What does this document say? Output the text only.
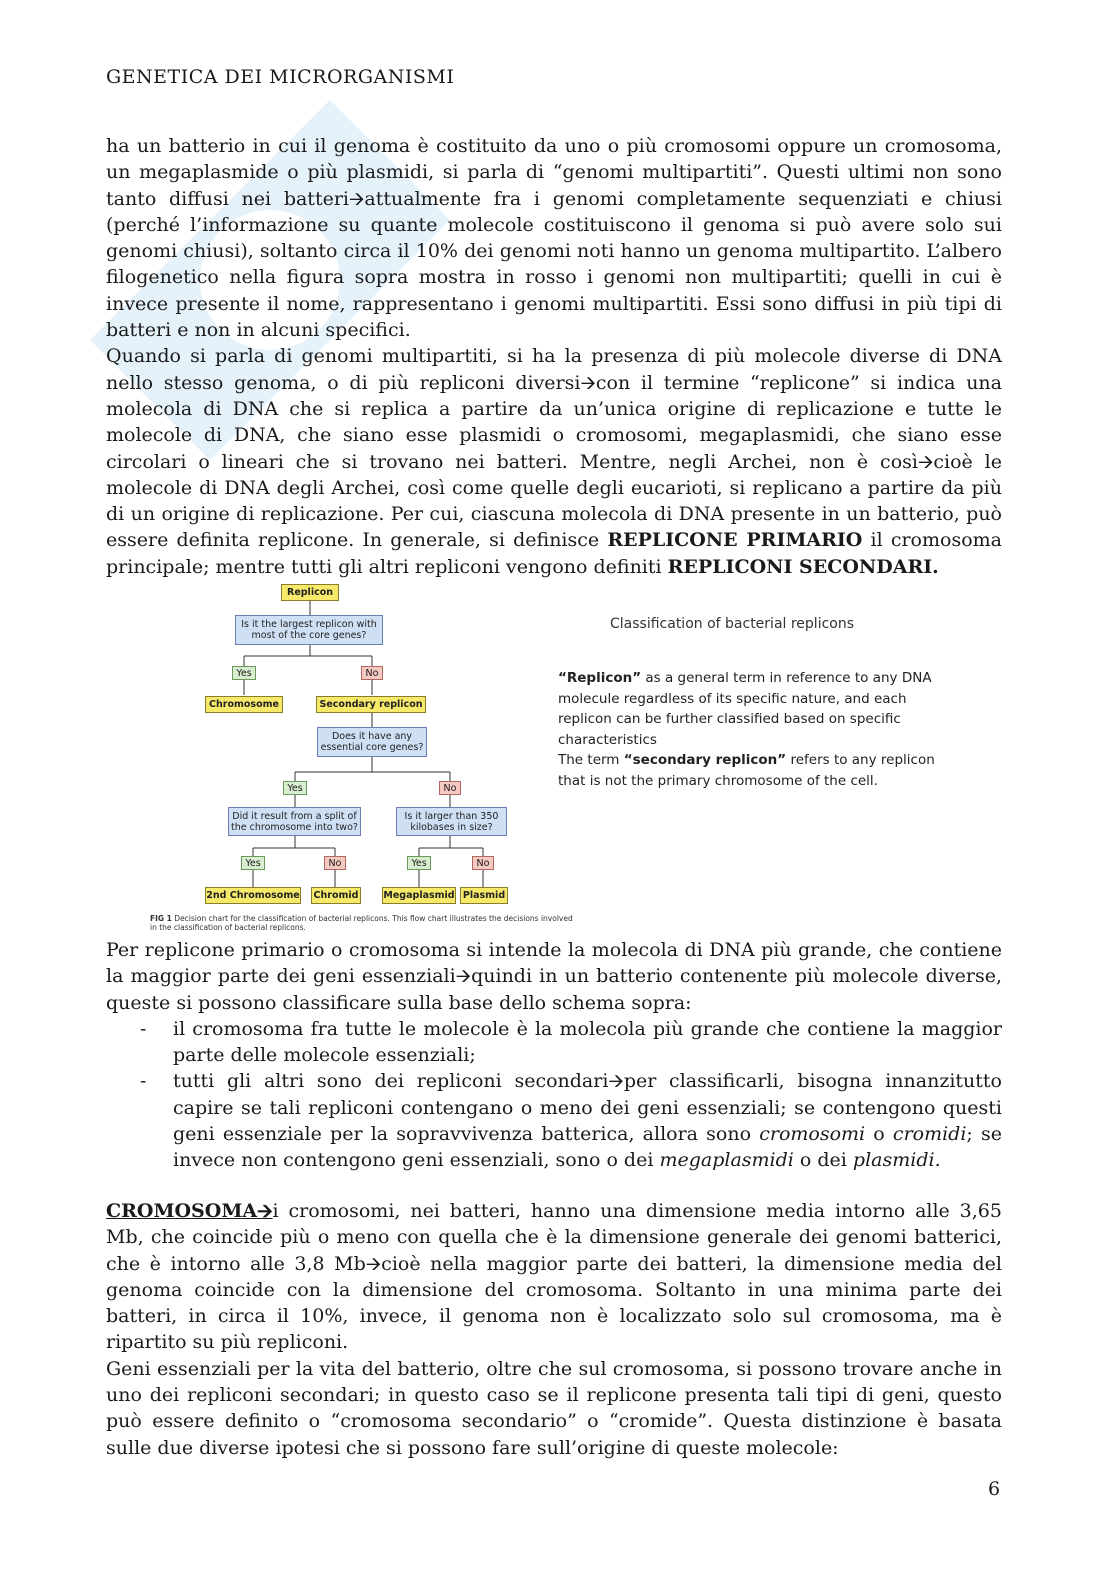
GENETICA DEI MICRORGANISMI

ha un batterio in cui il genoma è costituito da uno o più cromosomi oppure un cromosoma, un megaplasmide o più plasmidi, si parla di “genomi multipartiti”. Questi ultimi non sono tanto diffusi nei batteri🡪attualmente fra i genomi completamente sequenziati e chiusi (perché l’informazione su quante molecole costituiscono il genoma si può avere solo sui genomi chiusi), soltanto circa il 10% dei genomi noti hanno un genoma multipartito. L’albero filogenetico nella figura sopra mostra in rosso i genomi non multipartiti; quelli in cui è invece presente il nome, rappresentano i genomi multipartiti. Essi sono diffusi in più tipi di batteri e non in alcuni specifici.

Quando si parla di genomi multipartiti, si ha la presenza di più molecole diverse di DNA nello stesso genoma, o di più repliconi diversi🡪con il termine “replicone” si indica una molecola di DNA che si replica a partire da un’unica origine di replicazione e tutte le molecole di DNA, che siano esse plasmidi o cromosomi, megaplasmidi, che siano esse circolari o lineari che si trovano nei batteri. Mentre, negli Archei, non è così🡪cioè le molecole di DNA degli Archei, così come quelle degli eucarioti, si replicano a partire da più di un origine di replicazione. Per cui, ciascuna molecola di DNA presente in un batterio, può essere definita replicone. In generale, si definisce REPLICONE PRIMARIO il cromosoma principale; mentre tutti gli altri repliconi vengono definiti REPLICONI SECONDARI.

Replicon
Is it the largest replicon with most of the core genes?
Yes	No
Chromosome	Secondary replicon
Does it have any essential core genes?
Yes	No
Did it result from a split of the chromosome into two?
Is it larger than 350 kilobases in size?
Yes	No	Yes	No
2nd Chromosome Chromid	Megaplasmid Plasmid
FIG 1 Decision chart for the classification of bacterial replicons. This flow chart illustrates the decisions involved in the classification of bacterial replicons.
Classification of bacterial replicons
“Replicon” as a general term in reference to any DNA molecule regardless of its specific nature, and each replicon can be further classified based on specific characteristics
The term “secondary replicon” refers to any replicon that is not the primary chromosome of the cell.

Per replicone primario o cromosoma si intende la molecola di DNA più grande, che contiene la maggior parte dei geni essenziali🡪quindi in un batterio contenente più molecole diverse, queste si possono classificare sulla base dello schema sopra:

- il cromosoma fra tutte le molecole è la molecola più grande che contiene la maggior parte delle molecole essenziali;
- tutti gli altri sono dei repliconi secondari🡪per classificarli, bisogna innanzitutto capire se tali repliconi contengano o meno dei geni essenziali; se contengono questi geni essenziale per la sopravvivenza batterica, allora sono cromosomi o cromidi; se invece non contengono geni essenziali, sono o dei megaplasmidi o dei plasmidi.

CROMOSOMA🡪i cromosomi, nei batteri, hanno una dimensione media intorno alle 3,65 Mb, che coincide più o meno con quella che è la dimensione generale dei genomi batterici, che è intorno alle 3,8 Mb🡪cioè nella maggior parte dei batteri, la dimensione media del genoma coincide con la dimensione del cromosoma. Soltanto in una minima parte dei batteri, in circa il 10%, invece, il genoma non è localizzato solo sul cromosoma, ma è ripartito su più repliconi.

Geni essenziali per la vita del batterio, oltre che sul cromosoma, si possono trovare anche in uno dei repliconi secondari; in questo caso se il replicone presenta tali tipi di geni, questo può essere definito o “cromosoma secondario” o “cromide”. Questa distinzione è basata sulle due diverse ipotesi che si possono fare sull’origine di queste molecole:

6
